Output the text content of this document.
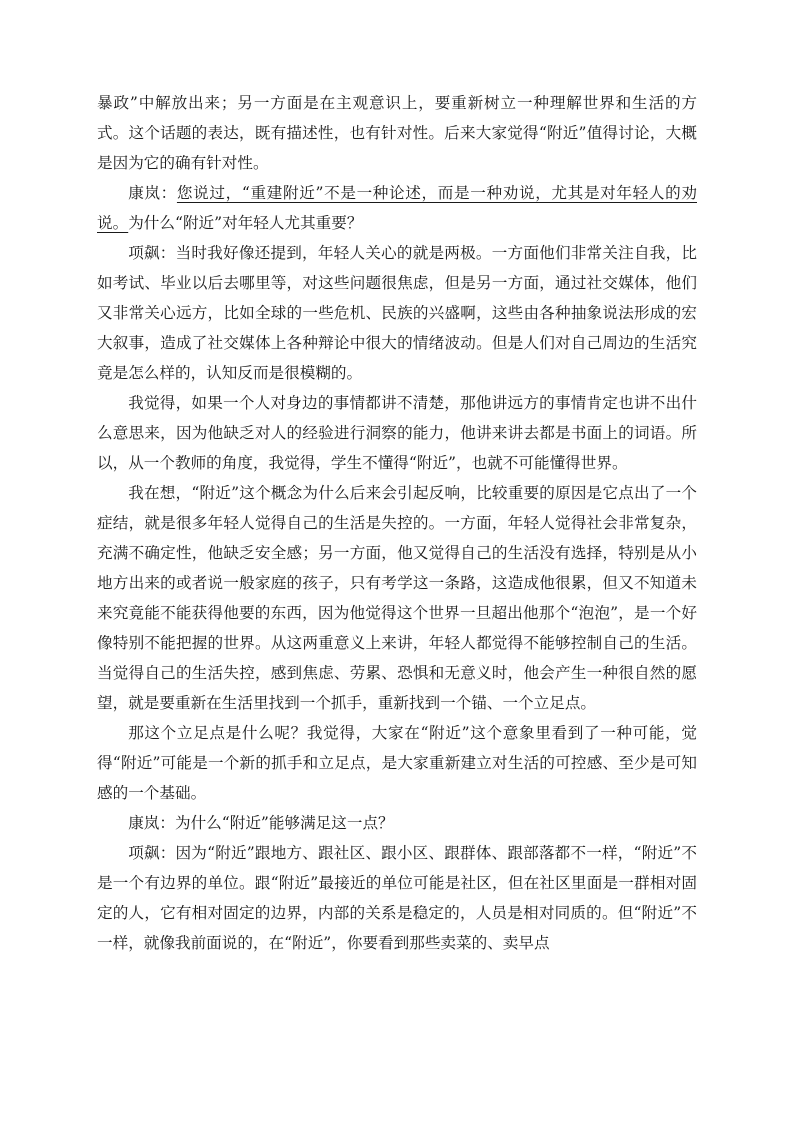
暴政”中解放出来；另一方面是在主观意识上，要重新树立一种理解世界和生活的方式。这个话题的表达，既有描述性，也有针对性。后来大家觉得“附近”值得讨论，大概是因为它的确有针对性。

康岚：您说过，“重建附近”不是一种论述，而是一种劝说，尤其是对年轻人的劝说。为什么“附近”对年轻人尤其重要？

项飙：当时我好像还提到，年轻人关心的就是两极。一方面他们非常关注自我，比如考试、毕业以后去哪里等，对这些问题很焦虑，但是另一方面，通过社交媒体，他们又非常关心远方，比如全球的一些危机、民族的兴盛啊，这些由各种抽象说法形成的宏大叙事，造成了社交媒体上各种辩论中很大的情绪波动。但是人们对自己周边的生活究竟是怎么样的，认知反而是很模糊的。

我觉得，如果一个人对身边的事情都讲不清楚，那他讲远方的事情肯定也讲不出什么意思来，因为他缺乏对人的经验进行洞察的能力，他讲来讲去都是书面上的词语。所以，从一个教师的角度，我觉得，学生不懂得“附近”，也就不可能懂得世界。

我在想，“附近”这个概念为什么后来会引起反响，比较重要的原因是它点出了一个症结，就是很多年轻人觉得自己的生活是失控的。一方面，年轻人觉得社会非常复杂，充满不确定性，他缺乏安全感；另一方面，他又觉得自己的生活没有选择，特别是从小地方出来的或者说一般家庭的孩子，只有考学这一条路，这造成他很累，但又不知道未来究竟能不能获得他要的东西，因为他觉得这个世界一旦超出他那个“泡泡”，是一个好像特别不能把握的世界。从这两重意义上来讲，年轻人都觉得不能够控制自己的生活。当觉得自己的生活失控，感到焦虑、劳累、恐惧和无意义时，他会产生一种很自然的愿望，就是要重新在生活里找到一个抓手，重新找到一个锚、一个立足点。

那这个立足点是什么呢？我觉得，大家在“附近”这个意象里看到了一种可能，觉得“附近”可能是一个新的抓手和立足点，是大家重新建立对生活的可控感、至少是可知感的一个基础。

康岚：为什么“附近”能够满足这一点？

项飙：因为“附近”跟地方、跟社区、跟小区、跟群体、跟部落都不一样，“附近”不是一个有边界的单位。跟“附近”最接近的单位可能是社区，但在社区里面是一群相对固定的人，它有相对固定的边界，内部的关系是稳定的，人员是相对同质的。但“附近”不一样，就像我前面说的，在“附近”，你要看到那些卖菜的、卖早点
